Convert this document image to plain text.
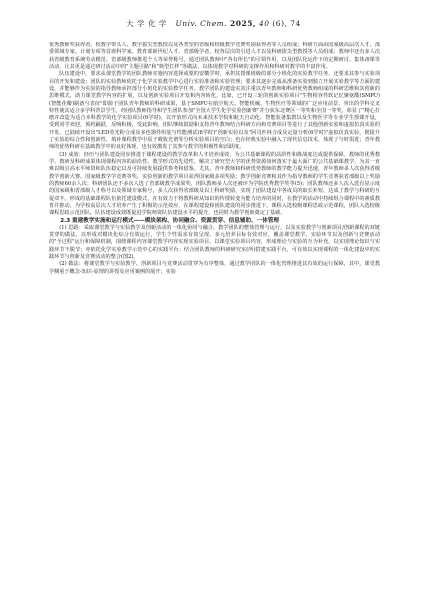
大 学 化 学 Univ. Chem. 2025, 40 (6), 74

优秀教师奖获得者、校教学带头人、教学拔尖型教授以及各类型的省级和校级教学竞赛奖励获得者等人员组成；科研方面由国家级高层次人才、部委领域专家、计划专项等首席科学家、教育部新世纪人才、省部级学者、校各层次的引进人才以及科研拔尖型教授等人员组成；教师中还有多人次获省级教育系统劳动模范、省部级教师推进个人等荣誉称号。通过团队教师中"各有所长"的引领作用，以及团队化运作下的定期研讨、集体备课等活动，让其更是通过研讨活动中的"主题引路"和"典型打样"等做法，以体现教学对科研的支撑作用和科研对教学的丰富作用。

队伍建设中，要求从课堂教学的团队教师实施内容选择或要的安徽学时，承担其授课班级的部分小班化的实验教学任务，还要求其参与实验项目的开发和建设；团队的实验教师依托于化学实验教学中心进行实验准备和实验管理；要求其逐步完成从准备实验到独立开展实验教学等方面的建设，并能够作为实验的指导教师承担部分小班化的实验教学任务。教学团队的建设实其注重以青年教师和科研优势教师组成的科研思维和其创新的思维模式，助力课堂教学内容的扩展，以及创新实验项目开发和内容转化，比如，已开设三轮的创新实验项目"生物相容性软记忆聚氨酯(SMPU)(智能花瓣)制备与表征"即源于团队青年教师的科研成果，基于SMPU在航空航天、智能机械、生物医疗等领域的广泛应用前景，突出的学科交叉特性使其适合多学科背景学生，经团队教师指导和学生团队参加"全国大学生化学实验创新赛"并分获东北赛区一等奖和全国一等奖，彰显了"精心打磨并改造为适合本科教学的化学实验项目(6学时)，以开放形式向未来技术学院和航天自动化、智能装备集群以及生物医学等专业学生授课开设，受到同学欢迎，预约踊跃，反响积极，受此影响，团队继续鼓励和支持青年教师结合科研方向和竞赛项目等进行了其他创新实验和虚拟仿真实验的开发，已陆续开设出"LED荧光粉合成及多色器件组装与性能测试(6学时)"创新实验以及"阿司匹林合成及定量分析(6学时)"虚拟仿真实验，既提升了实验的综合性和创新性，填补课程教学中原子吸收光谱等分析实验项目的空白；也在经典实验中融入了现代信息技术，体现了与时俱进；青年教师的优势科研在基础教学中的良好体现，也有效激发了其参与教学的积极性和活跃度。

(3) 成效：经历与团队建设同步推进于课程建设的教学改革和人才培养成效，为公共基础课程的高阶性和挑战度达成提供保障。教师的优秀教学、教研及科研成果体现课程内容的前沿性、教学形式的先进性，解决了研究型大学的优势资源如何落实于最大面广的公共基础课教学，为其一直难以吸引高水平师资和队伍稳定以及可持续发展提供参考和借鉴。尤其，青年教师和科研优势教师的教学能力提升迅速，青年教师多人次获得省级教学创新大赛、国家级教学学竞赛等奖，实验创新的教学项目获得国家级多项奖励；教学创新竞赛和其作为指导教师的学生竞赛获省部级以上奖励的教师60余人次；科研团队还不多次人选了省部级教学成果奖，团队教师多人次还被评为学院优秀教学奖等(5)；团队教师还多人次入选有显示度的国家级和省部级人才称号以及领域专家称号，多人次获得省部级及以上科研奖励，实现了团队建设中各成员的取长补短，达成了教学与科研的互促双丰。形成的基础课程队伍依托建设模式，在有效力于将教科研从知识的传授转变为能力培养的同时，在教学的活动中持续组合课程中的素质教育并推动，为学校高层次人才培养产生了积极的示范效应，在课程建设和团队建设的同步推进下，课程入选校级课程思政示范课程，团队入选校级课程思政示范团队，队伍建设成效既促进学院师资队伍建设水平的提升，也同时为教学创新奠定了基础。

2.3 重建教学实施和运行模式——模块架构、协同融合、资源贯穿、信息辅助、一体管理

(1) 思路：采取课堂教学与实验教学及创新活动的一体化协同与融合、教学团队的整体管理与运行，以及实验教学与创新项目/创新课程的双链贯穿的做法，以形成对模块化综合有效运行，学生个性需求有效呈现、多元培养目标有效对应，覆盖课堂教学、实验环节以及创新与竞赛活动的"全过程"运行和保障机制，围绕课程内容课堂教学内容实现实验项目，以课堂实验项目内容，形成理论与实验的互为补充，以实现理论知识与实践环节不脱节；亦依托化学实验教学示范中心的实践平台；结合团队教师的科研研究室(所)搭建实践平台，可有效以实现课程的一体化建设中的实践环节与创新及竞赛活动的整合(图2)。

(2) 做法：将课堂教学与实验教学、创新项目与竞赛活动贯穿为有序整体，通过教学团队的一体化管理推进其有效的运行保障，其中，课堂教学侧重于概念-知识-原理的讲授及应用案例的展开；实验
